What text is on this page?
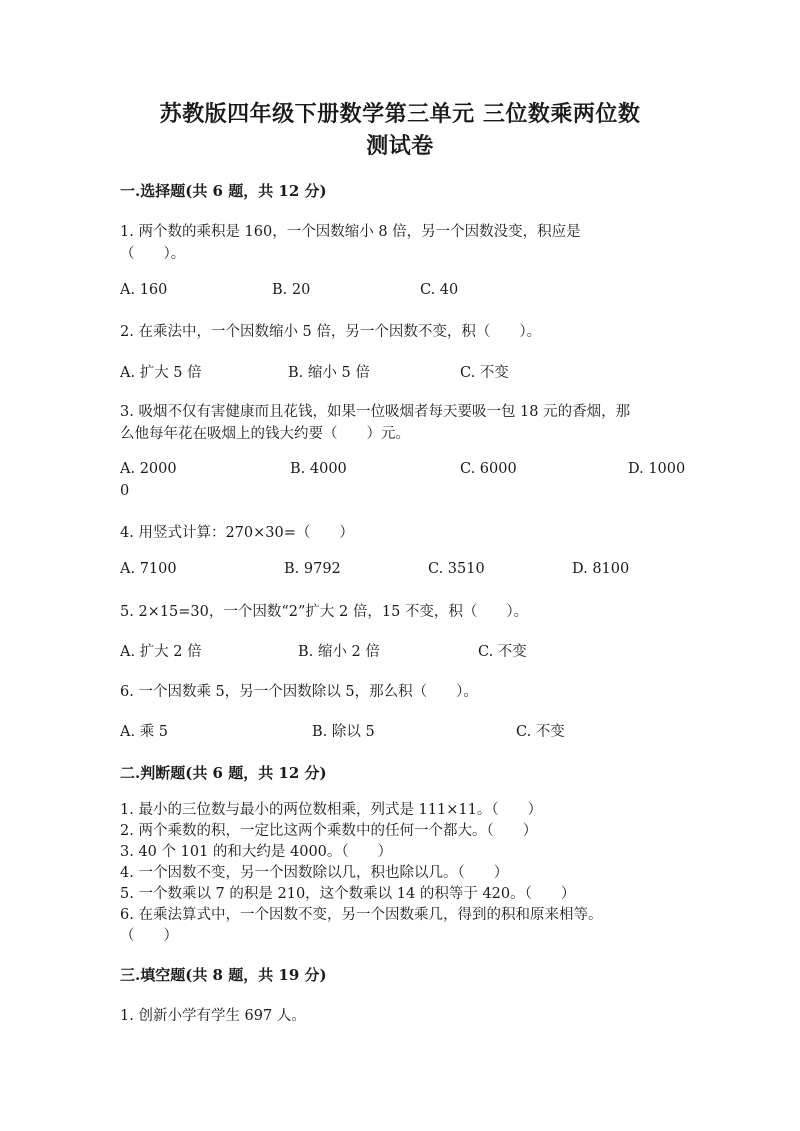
苏教版四年级下册数学第三单元 三位数乘两位数
测试卷
一.选择题(共 6 题，共 12 分)
1. 两个数的乘积是 160，一个因数缩小 8 倍，另一个因数没变，积应是
（　　）。
A. 160	B. 20	C. 40
2. 在乘法中，一个因数缩小 5 倍，另一个因数不变，积（　　）。
A. 扩大 5 倍	B. 缩小 5 倍	C. 不变
3. 吸烟不仅有害健康而且花钱，如果一位吸烟者每天要吸一包 18 元的香烟，那
么他每年花在吸烟上的钱大约要（　　）元。
A. 2000	B. 4000	C. 6000	D. 1000
0
4. 用竖式计算：270×30=（　　）
A. 7100	B. 9792	C. 3510	D. 8100
5. 2×15=30，一个因数“2”扩大 2 倍，15 不变，积（　　）。
A. 扩大 2 倍	B. 缩小 2 倍	C. 不变
6. 一个因数乘 5，另一个因数除以 5，那么积（　　）。
A. 乘 5	B. 除以 5	C. 不变
二.判断题(共 6 题，共 12 分)
1. 最小的三位数与最小的两位数相乘，列式是 111×11。（　　）
2. 两个乘数的积，一定比这两个乘数中的任何一个都大。（　　）
3. 40 个 101 的和大约是 4000。（　　）
4. 一个因数不变，另一个因数除以几，积也除以几。（　　）
5. 一个数乘以 7 的积是 210，这个数乘以 14 的积等于 420。（　　）
6. 在乘法算式中，一个因数不变，另一个因数乘几，得到的积和原来相等。
（　　）
三.填空题(共 8 题，共 19 分)
1. 创新小学有学生 697 人。
